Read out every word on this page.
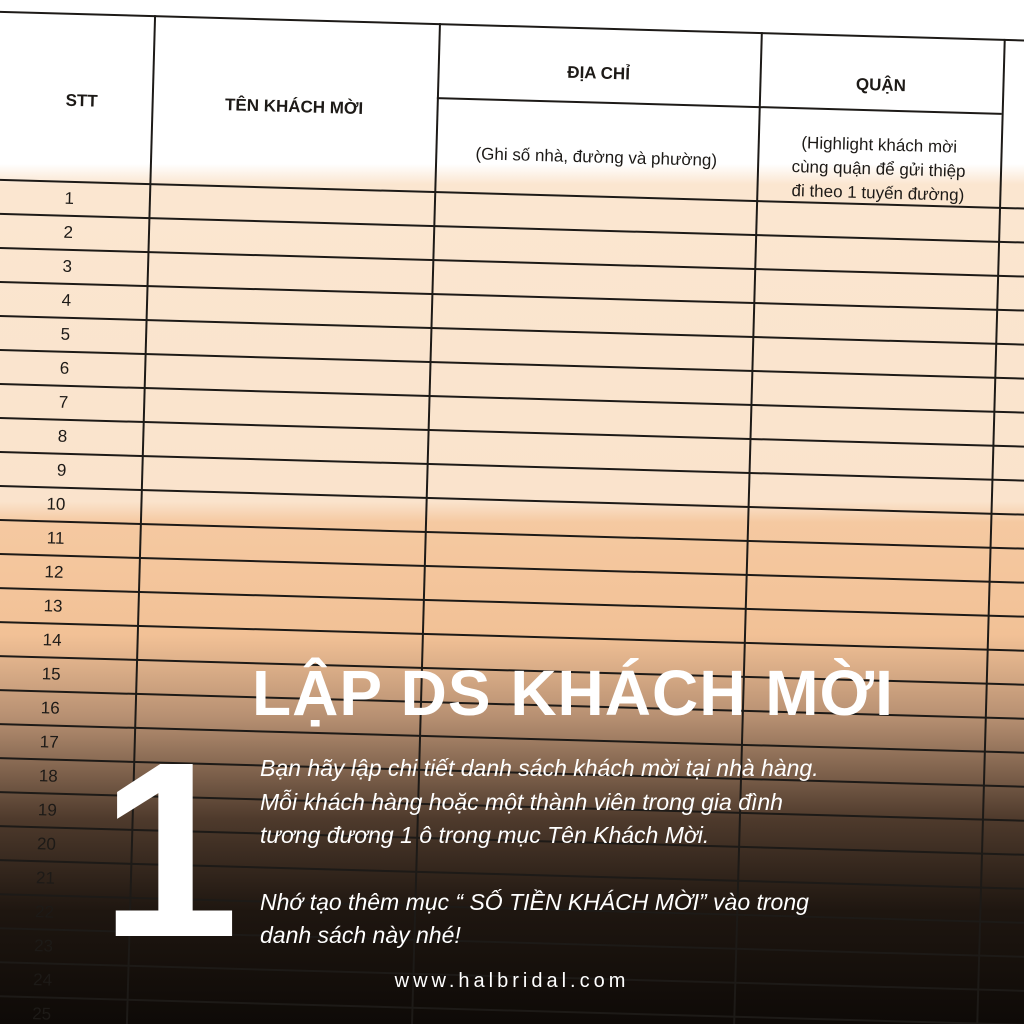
STT	TÊN KHÁCH MỜI
ĐỊA CHỈ
(Ghi số nhà, đường và phường)
QUẬN
(Highlight khách mời
cùng quận để gửi thiệp
đi theo 1 tuyến đường)
1
2
3
4
5
6
7
8
9
10
11
12
13
14
15
16
17
18
19
20
21
22
23
24
25
LẬP DS KHÁCH MỜI
1 Bạn hãy lập chi tiết danh sách khách mời tại nhà hàng.
Mỗi khách hàng hoặc một thành viên trong gia đình
tương đương 1 ô trong mục Tên Khách Mời.
Nhớ tạo thêm mục “ SỐ TIỀN KHÁCH MỜI” vào trong
danh sách này nhé!
www.halbridal.com
